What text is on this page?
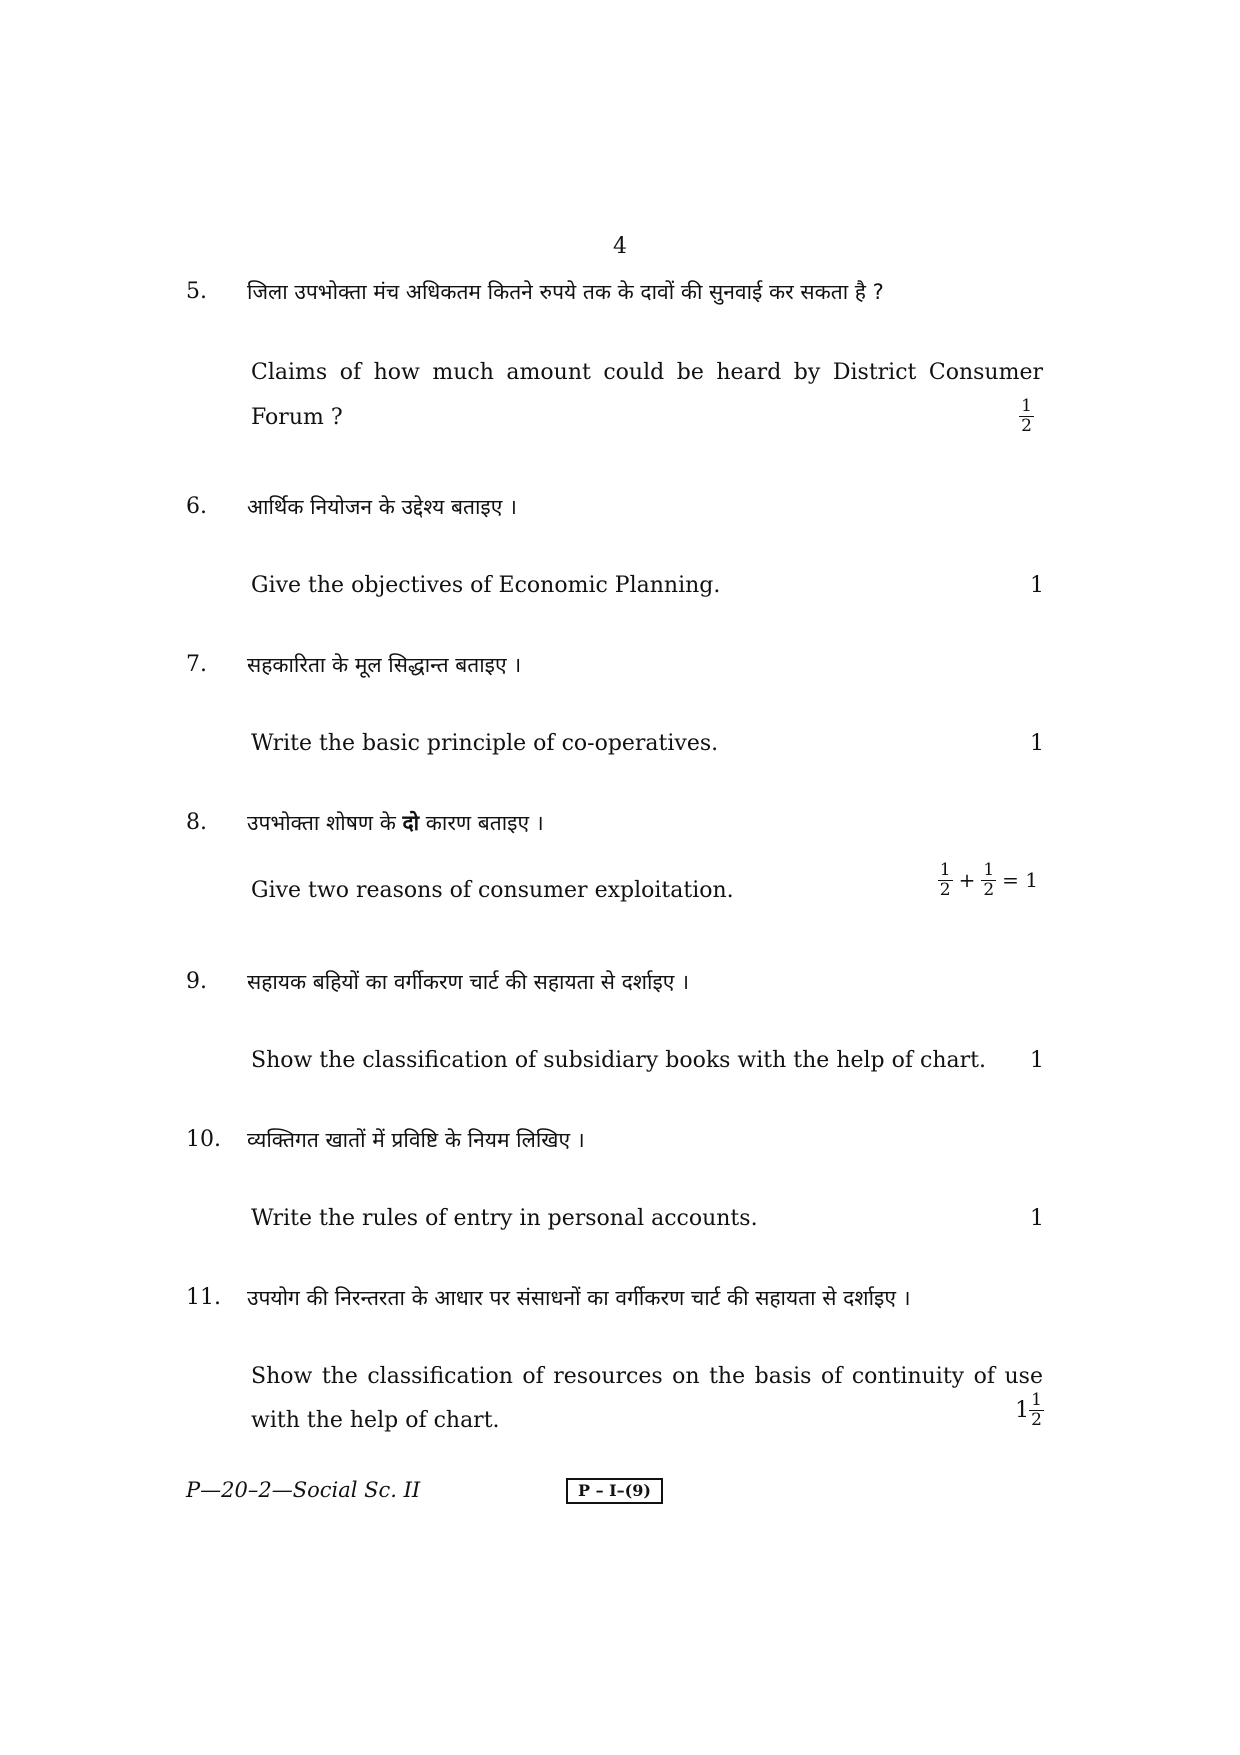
4
5. जिला उपभोक्ता मंच अधिकतम कितने रुपये तक के दावों की सुनवाई कर सकता है ?
Claims of how much amount could be heard by District Consumer
Forum ?	$\frac{1}{2}$
6. आर्थिक नियोजन के उद्देश्य बताइए ।
Give the objectives of Economic Planning.	1
7. सहकारिता के मूल सिद्धान्त बताइए ।
Write the basic principle of co-operatives.	1
8. उपभोक्ता शोषण के दो कारण बताइए ।
Give two reasons of consumer exploitation.	$\frac{1}{2} + \frac{1}{2} = 1$
9. सहायक बहियों का वर्गीकरण चार्ट की सहायता से दर्शाइए ।
Show the classification of subsidiary books with the help of chart. 1
10. व्यक्तिगत खातों में प्रविष्टि के नियम लिखिए ।
Write the rules of entry in personal accounts.	1
11. उपयोग की निरन्तरता के आधार पर संसाधनों का वर्गीकरण चार्ट की सहायता से दर्शाइए ।
Show the classification of resources on the basis of continuity of use
with the help of chart.	$1 \frac{1}{2}$
P—20–2—Social Sc. II	P – I–(9)
